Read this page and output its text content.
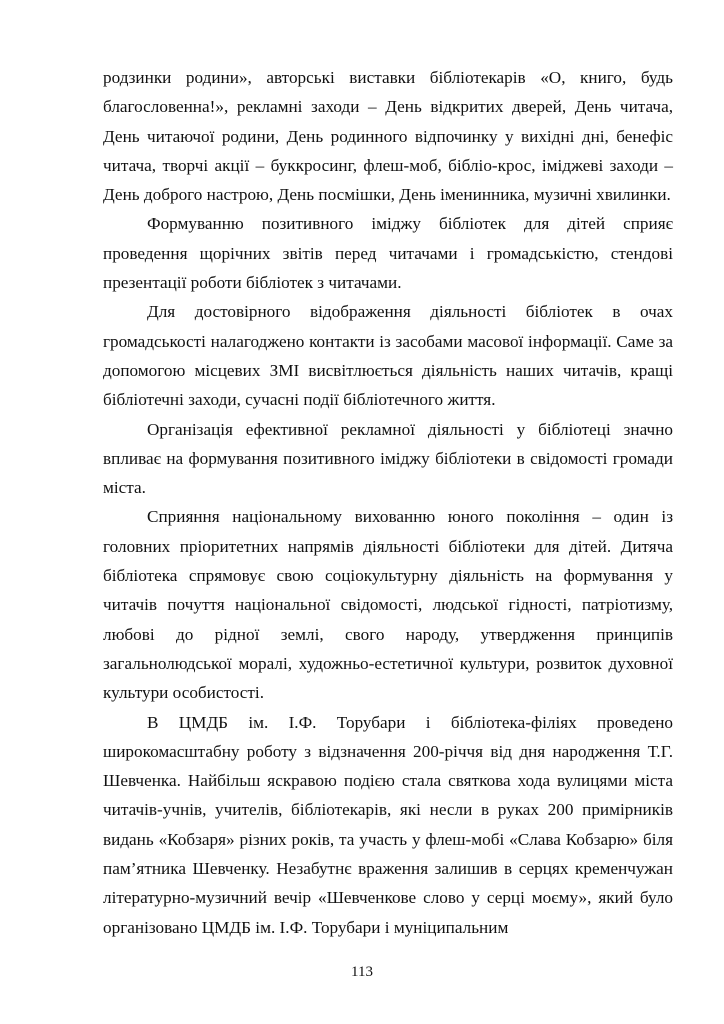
родзинки родини», авторські виставки бібліотекарів «О, книго, будь благословенна!», рекламні заходи – День відкритих дверей, День читача, День читаючої родини, День родинного відпочинку у вихідні дні, бенефіс читача, творчі акції – буккросинг, флеш-моб, бібліо-крос, іміджеві заходи – День доброго настрою, День посмішки, День іменинника, музичні хвилинки.

Формуванню позитивного іміджу бібліотек для дітей сприяє проведення щорічних звітів перед читачами і громадськістю, стендові презентації роботи бібліотек з читачами.

Для достовірного відображення діяльності бібліотек в очах громадськості налагоджено контакти із засобами масової інформації. Саме за допомогою місцевих ЗМІ висвітлюється діяльність наших читачів, кращі бібліотечні заходи, сучасні події бібліотечного життя.

Організація ефективної рекламної діяльності у бібліотеці значно впливає на формування позитивного іміджу бібліотеки в свідомості громади міста.

Сприяння національному вихованню юного покоління – один із головних пріоритетних напрямів діяльності бібліотеки для дітей. Дитяча бібліотека спрямовує свою соціокультурну діяльність на формування у читачів почуття національної свідомості, людської гідності, патріотизму, любові до рідної землі, свого народу, утвердження принципів загальнолюдської моралі, художньо-естетичної культури, розвиток духовної культури особистості.

В ЦМДБ ім. І.Ф. Торубари і бібліотека-філіях проведено широкомасштабну роботу з відзначення 200-річчя від дня народження Т.Г. Шевченка. Найбільш яскравою подією стала святкова хода вулицями міста читачів-учнів, учителів, бібліотекарів, які несли в руках 200 примірників видань «Кобзаря» різних років, та участь у флеш-мобі «Слава Кобзарю» біля пам’ятника Шевченку. Незабутнє враження залишив в серцях кременчужан літературно-музичний вечір «Шевченкове слово у серці моєму», який було організовано ЦМДБ ім. І.Ф. Торубари і муніципальним

113
